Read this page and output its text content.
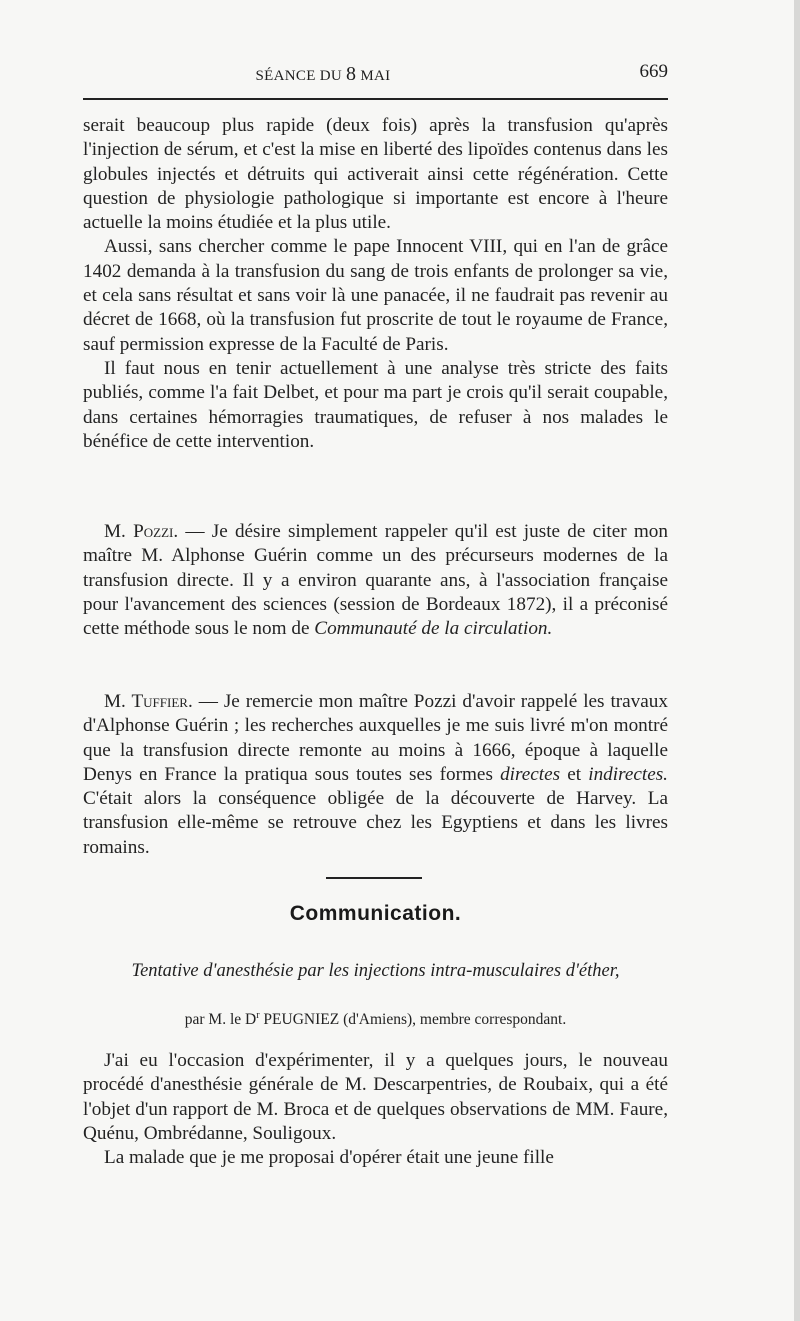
SÉANCE DU 8 MAI	669

serait beaucoup plus rapide (deux fois) après la transfusion qu'après l'injection de sérum, et c'est la mise en liberté des lipoïdes contenus dans les globules injectés et détruits qui activerait ainsi cette régénération. Cette question de physiologie pathologique si importante est encore à l'heure actuelle la moins étudiée et la plus utile.

Aussi, sans chercher comme le pape Innocent VIII, qui en l'an de grâce 1402 demanda à la transfusion du sang de trois enfants de prolonger sa vie, et cela sans résultat et sans voir là une panacée, il ne faudrait pas revenir au décret de 1668, où la transfusion fut proscrite de tout le royaume de France, sauf permission expresse de la Faculté de Paris.

Il faut nous en tenir actuellement à une analyse très stricte des faits publiés, comme l'a fait Delbet, et pour ma part je crois qu'il serait coupable, dans certaines hémorragies traumatiques, de refuser à nos malades le bénéfice de cette intervention.

M. Pozzi. — Je désire simplement rappeler qu'il est juste de citer mon maître M. Alphonse Guérin comme un des précurseurs modernes de la transfusion directe. Il y a environ quarante ans, à l'association française pour l'avancement des sciences (session de Bordeaux 1872), il a préconisé cette méthode sous le nom de Communauté de la circulation.

M. Tuffier. — Je remercie mon maître Pozzi d'avoir rappelé les travaux d'Alphonse Guérin ; les recherches auxquelles je me suis livré m'on montré que la transfusion directe remonte au moins à 1666, époque à laquelle Denys en France la pratiqua sous toutes ses formes directes et indirectes. C'était alors la conséquence obligée de la découverte de Harvey. La transfusion elle-même se retrouve chez les Egyptiens et dans les livres romains.

Communication.
Tentative d'anesthésie par les injections intra-musculaires d'éther,
par M. le $D^r$ PEUGNIEZ (d'Amiens), membre correspondant.

J'ai eu l'occasion d'expérimenter, il y a quelques jours, le nouveau procédé d'anesthésie générale de M. Descarpentries, de Roubaix, qui a été l'objet d'un rapport de M. Broca et de quelques observations de MM. Faure, Quénu, Ombrédanne, Souligoux.

La malade que je me proposai d'opérer était une jeune fille
